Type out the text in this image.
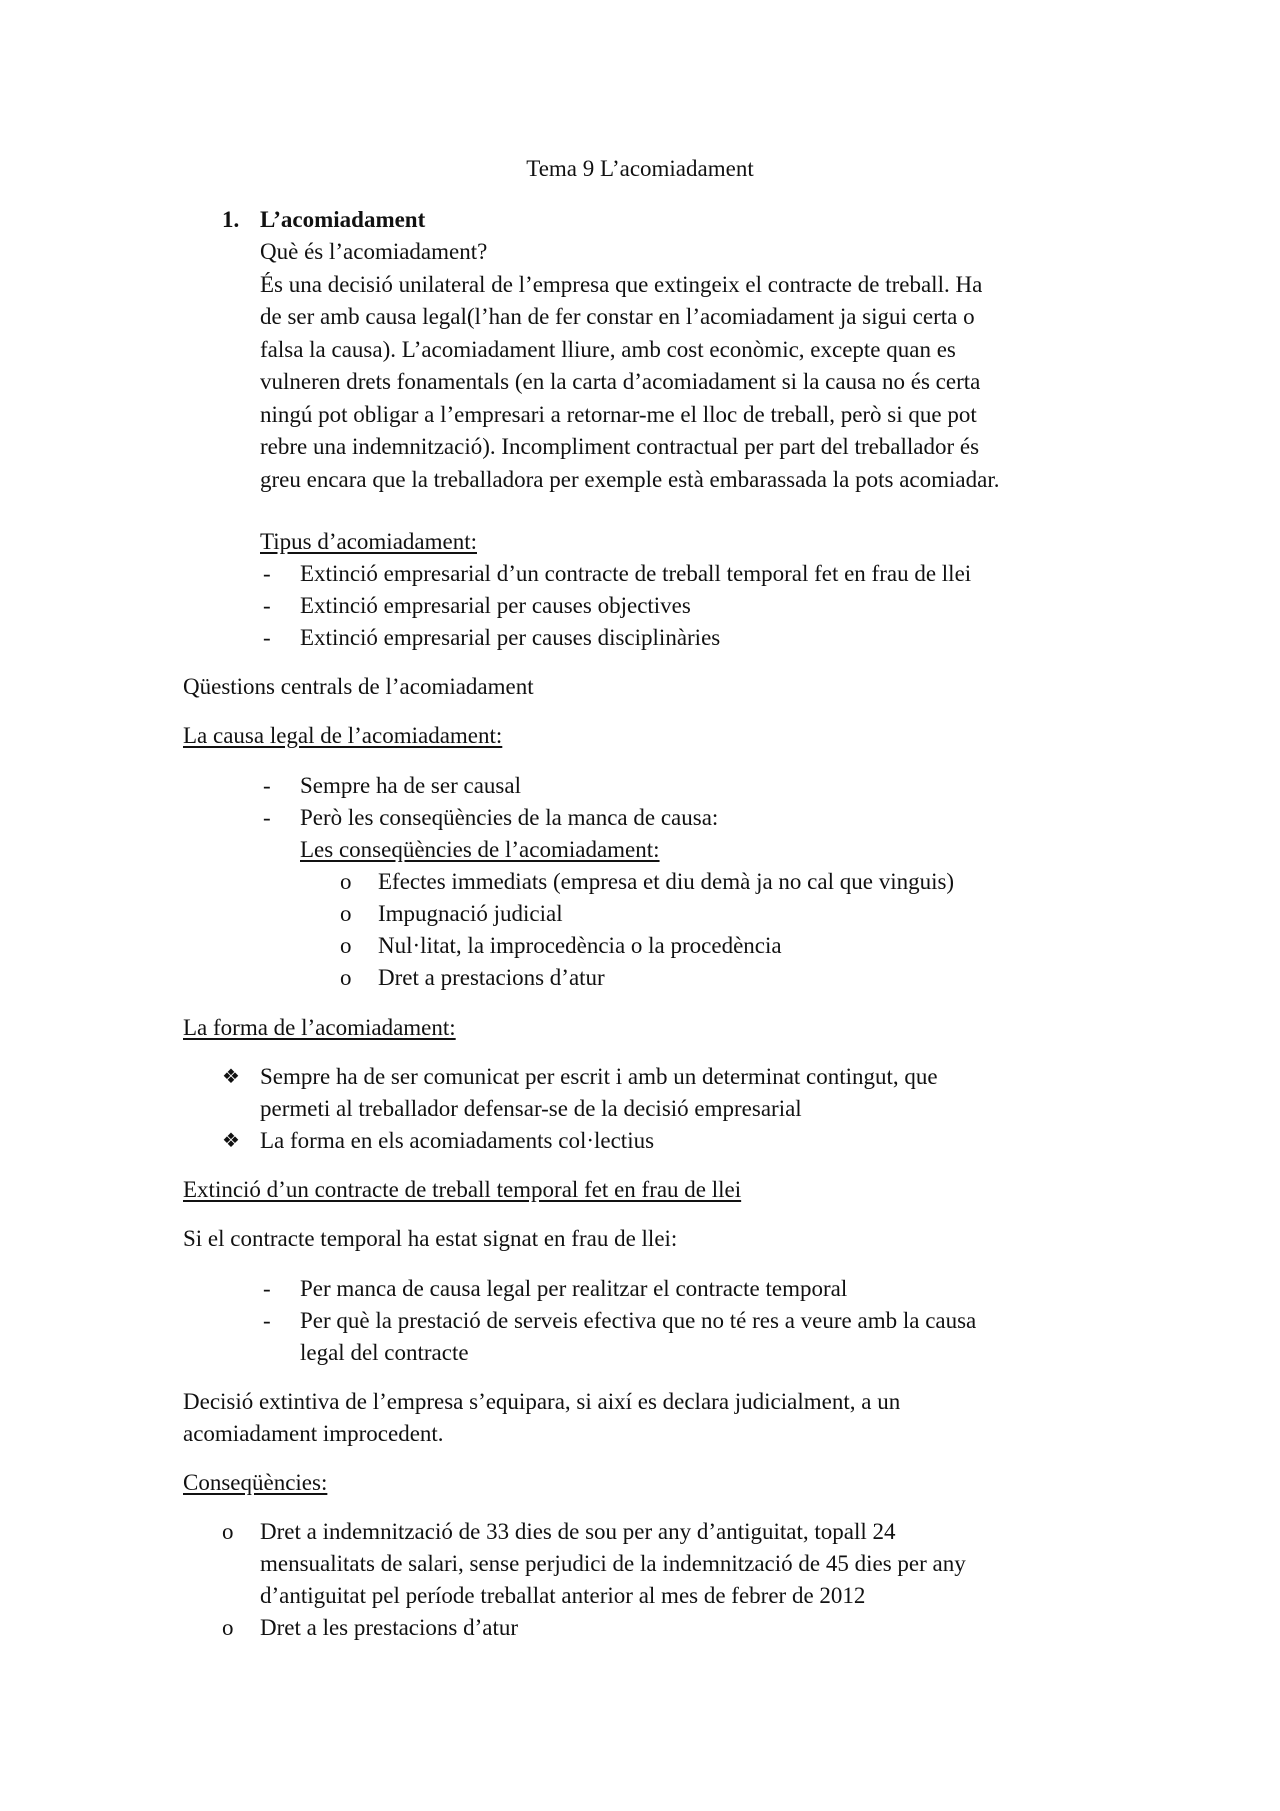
Tema 9 L’acomiadament
1. L’acomiadament
Què és l’acomiadament?
És una decisió unilateral de l’empresa que extingeix el contracte de treball. Ha
de ser amb causa legal(l’han de fer constar en l’acomiadament ja sigui certa o
falsa la causa). L’acomiadament lliure, amb cost econòmic, excepte quan es
vulneren drets fonamentals (en la carta d’acomiadament si la causa no és certa
ningú pot obligar a l’empresari a retornar-me el lloc de treball, però si que pot
rebre una indemnització). Incompliment contractual per part del treballador és
greu encara que la treballadora per exemple està embarassada la pots acomiadar.
Tipus d’acomiadament:
- Extinció empresarial d’un contracte de treball temporal fet en frau de llei
- Extinció empresarial per causes objectives
- Extinció empresarial per causes disciplinàries
Qüestions centrals de l’acomiadament
La causa legal de l’acomiadament:
- Sempre ha de ser causal
- Però les conseqüències de la manca de causa:
Les conseqüències de l’acomiadament:
o Efectes immediats (empresa et diu demà ja no cal que vinguis)
o Impugnació judicial
o Nul·litat, la improcedència o la procedència
o Dret a prestacions d’atur
La forma de l’acomiadament:
❖ Sempre ha de ser comunicat per escrit i amb un determinat contingut, que
permeti al treballador defensar-se de la decisió empresarial
❖ La forma en els acomiadaments col·lectius
Extinció d’un contracte de treball temporal fet en frau de llei
Si el contracte temporal ha estat signat en frau de llei:
- Per manca de causa legal per realitzar el contracte temporal
- Per què la prestació de serveis efectiva que no té res a veure amb la causa
legal del contracte
Decisió extintiva de l’empresa s’equipara, si així es declara judicialment, a un
acomiadament improcedent.
Conseqüències:
o Dret a indemnització de 33 dies de sou per any d’antiguitat, topall 24
mensualitats de salari, sense perjudici de la indemnització de 45 dies per any
d’antiguitat pel període treballat anterior al mes de febrer de 2012
o Dret a les prestacions d’atur
